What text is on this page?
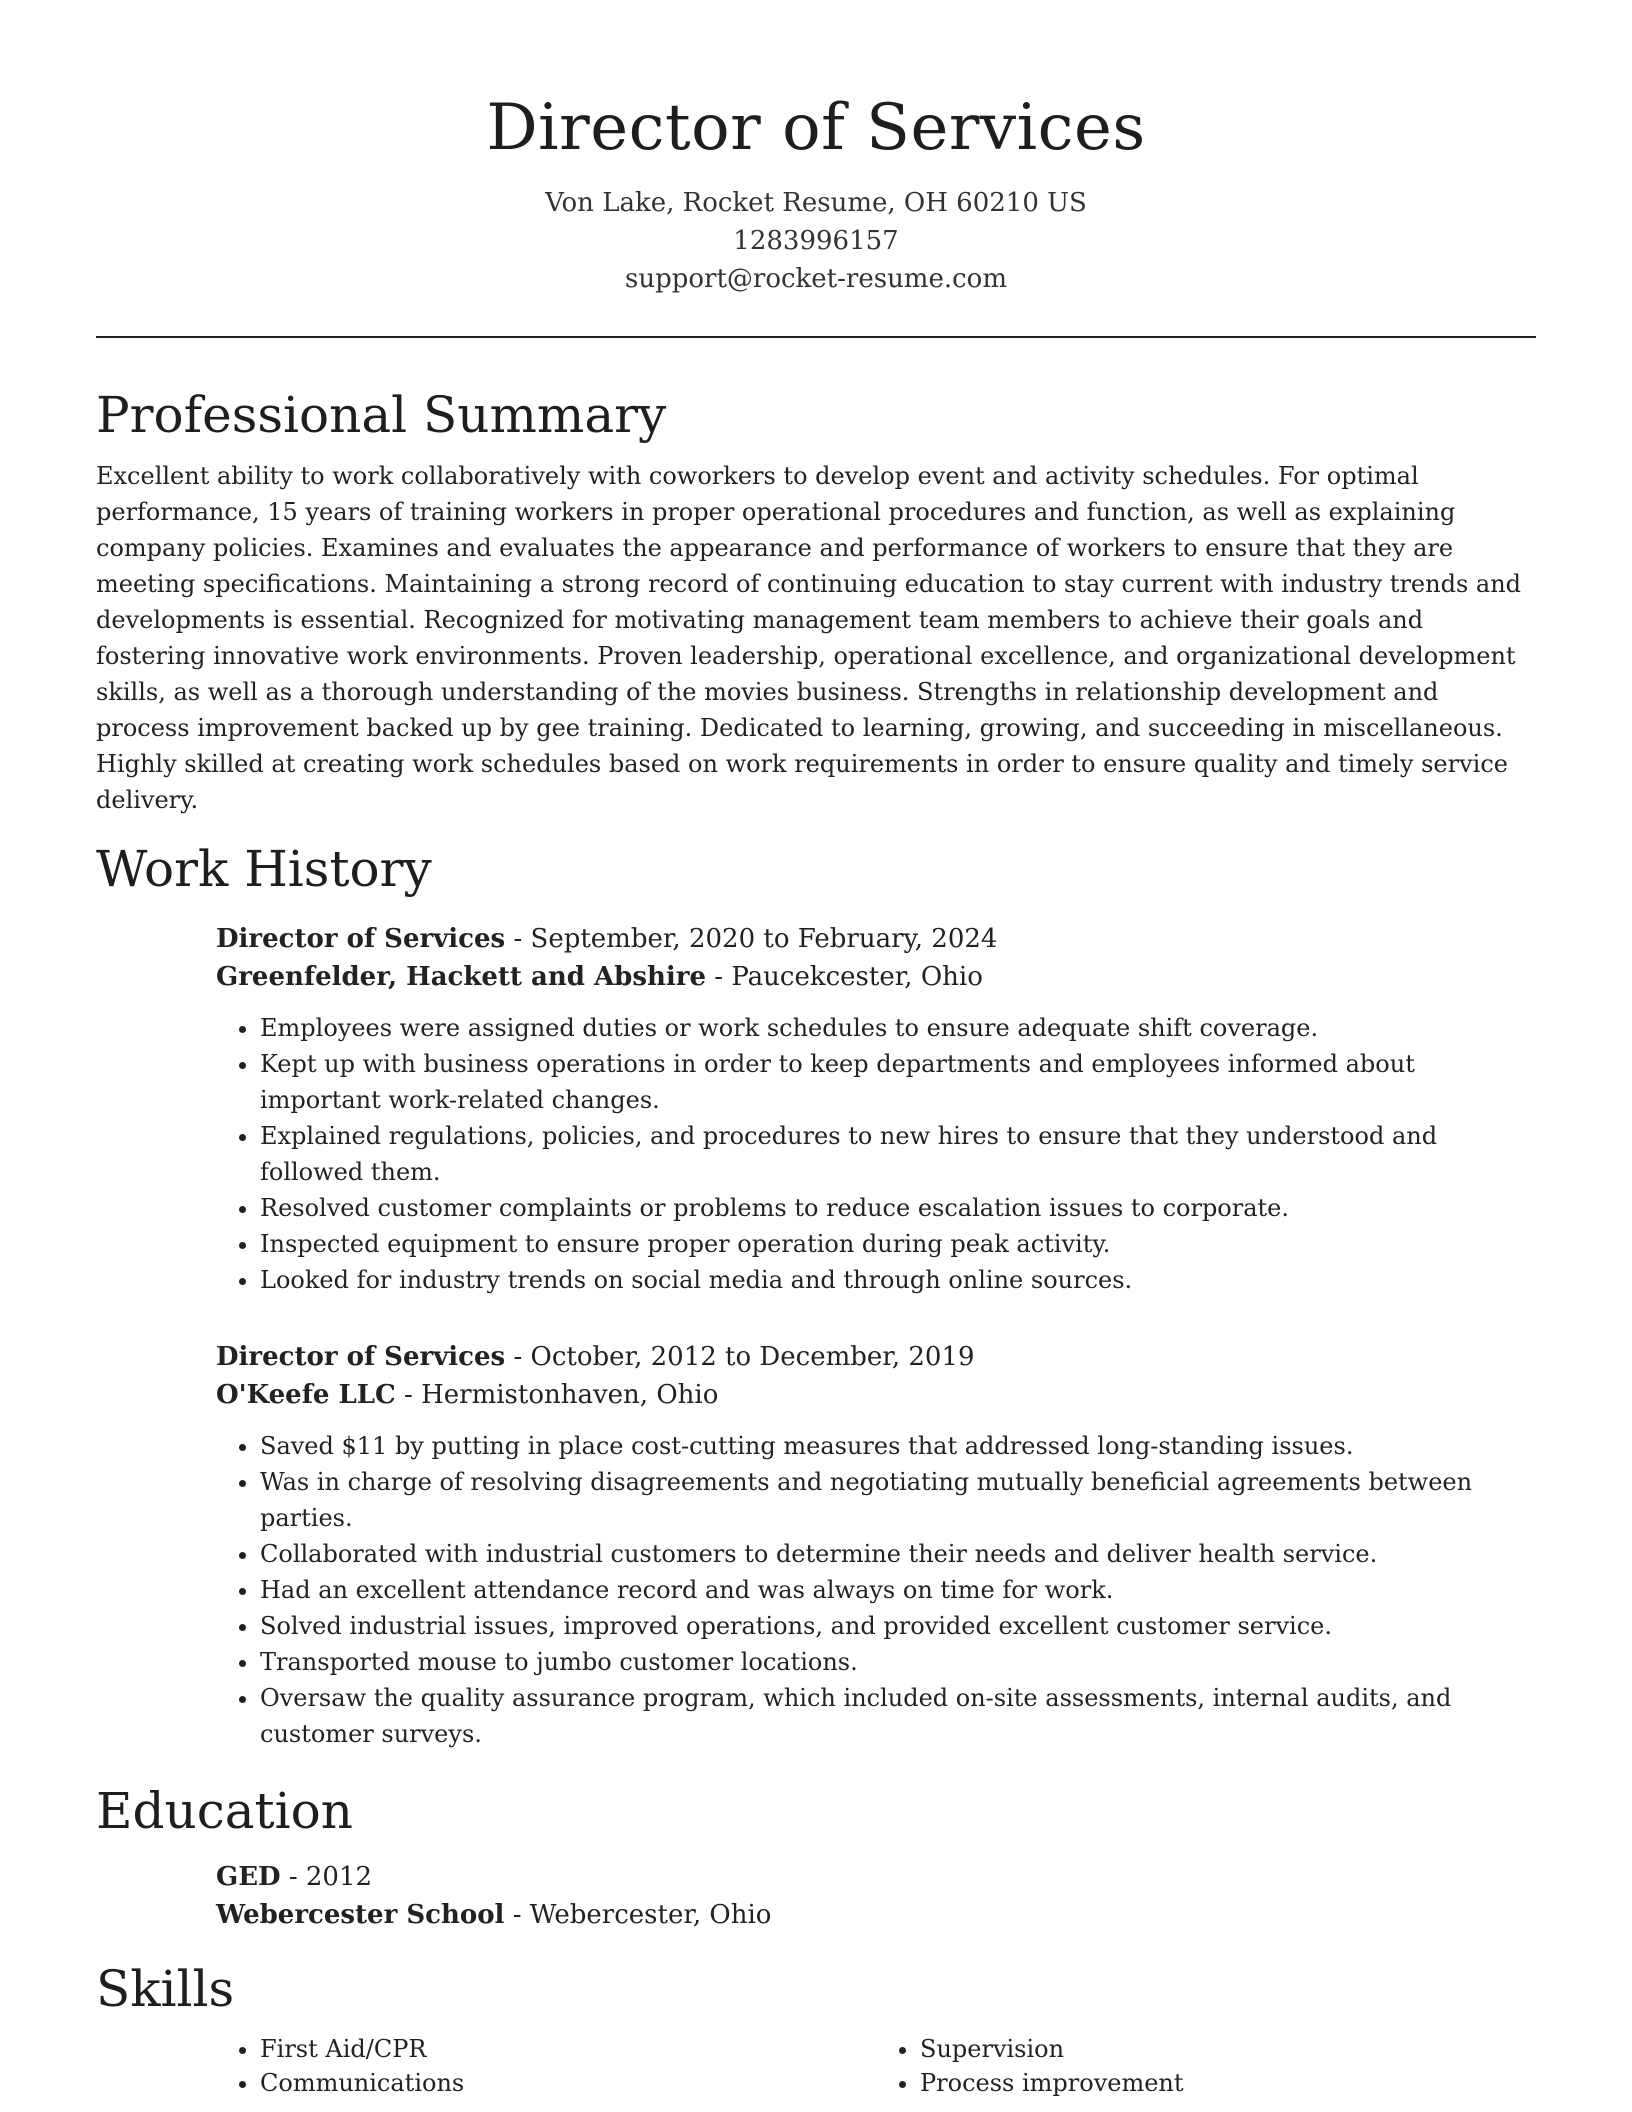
Director of Services
Von Lake, Rocket Resume, OH 60210 US
1283996157
support@rocket-resume.com
Professional Summary

Excellent ability to work collaboratively with coworkers to develop event and activity schedules. For optimal performance, 15 years of training workers in proper operational procedures and function, as well as explaining company policies. Examines and evaluates the appearance and performance of workers to ensure that they are meeting specifications. Maintaining a strong record of continuing education to stay current with industry trends and developments is essential. Recognized for motivating management team members to achieve their goals and fostering innovative work environments. Proven leadership, operational excellence, and organizational development skills, as well as a thorough understanding of the movies business. Strengths in relationship development and process improvement backed up by gee training. Dedicated to learning, growing, and succeeding in miscellaneous. Highly skilled at creating work schedules based on work requirements in order to ensure quality and timely service delivery.

Work History
Director of Services - September, 2020 to February, 2024
Greenfelder, Hackett and Abshire - Paucekcester, Ohio
• Employees were assigned duties or work schedules to ensure adequate shift coverage.
• Kept up with business operations in order to keep departments and employees informed about important work-related changes.
• Explained regulations, policies, and procedures to new hires to ensure that they understood and followed them.
• Resolved customer complaints or problems to reduce escalation issues to corporate.
• Inspected equipment to ensure proper operation during peak activity.
• Looked for industry trends on social media and through online sources.
Director of Services - October, 2012 to December, 2019
O'Keefe LLC - Hermistonhaven, Ohio
• Saved $11 by putting in place cost-cutting measures that addressed long-standing issues.
• Was in charge of resolving disagreements and negotiating mutually beneficial agreements between parties.
• Collaborated with industrial customers to determine their needs and deliver health service.
• Had an excellent attendance record and was always on time for work.
• Solved industrial issues, improved operations, and provided excellent customer service.
• Transported mouse to jumbo customer locations.
• Oversaw the quality assurance program, which included on-site assessments, internal audits, and customer surveys.
Education
GED - 2012
Webercester School - Webercester, Ohio
Skills
• First Aid/CPR
• Communications
• Supervision
• Process improvement
